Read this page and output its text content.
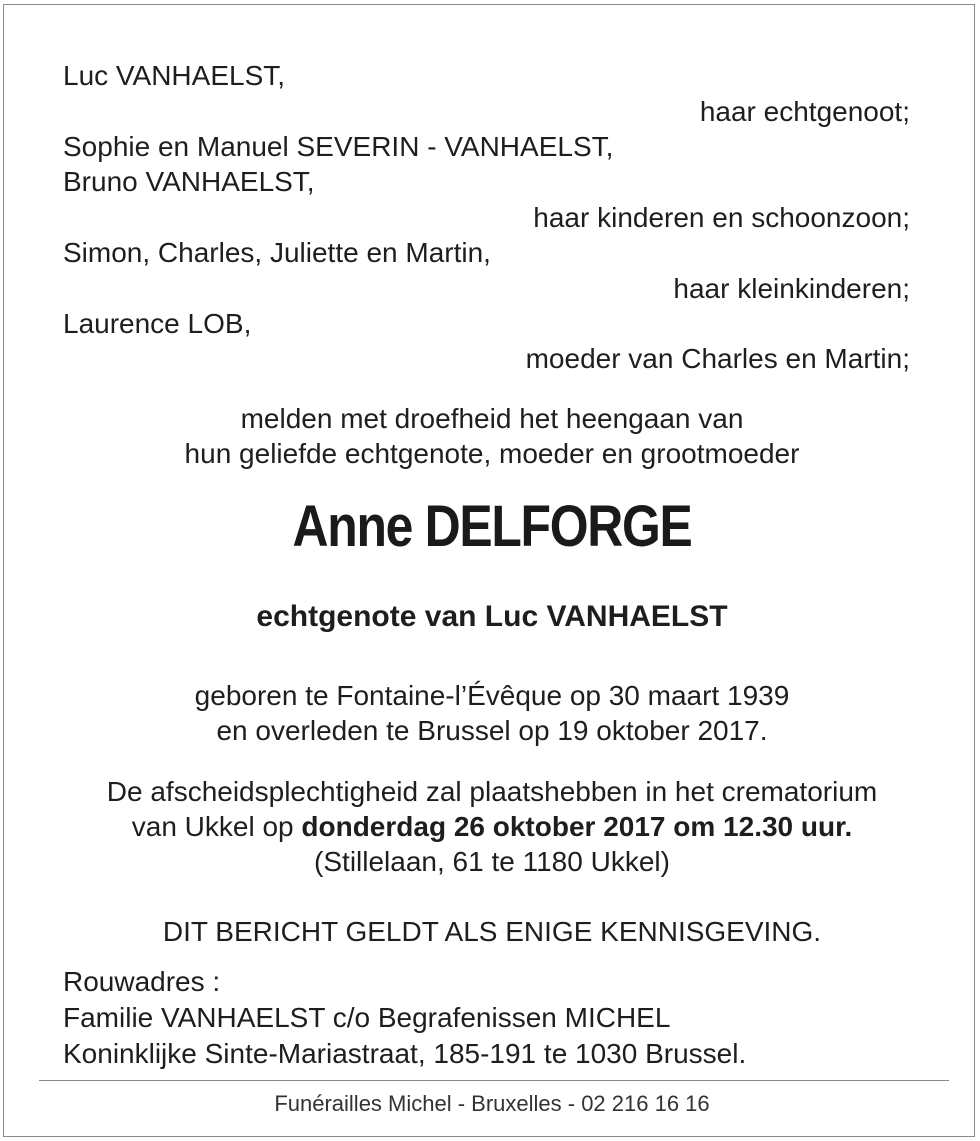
Luc VANHAELST,
haar echtgenoot;
Sophie en Manuel SEVERIN - VANHAELST,
Bruno VANHAELST,
haar kinderen en schoonzoon;
Simon, Charles, Juliette en Martin,
haar kleinkinderen;
Laurence LOB,
moeder van Charles en Martin;
melden met droefheid het heengaan van
hun geliefde echtgenote, moeder en grootmoeder
Anne DELFORGE
echtgenote van Luc VANHAELST
geboren te Fontaine-l’Évêque op 30 maart 1939
en overleden te Brussel op 19 oktober 2017.
De afscheidsplechtigheid zal plaatshebben in het crematorium
van Ukkel op donderdag 26 oktober 2017 om 12.30 uur.
(Stillelaan, 61 te 1180 Ukkel)
DIT BERICHT GELDT ALS ENIGE KENNISGEVING.
Rouwadres :
Familie VANHAELST c/o Begrafenissen MICHEL
Koninklijke Sinte-Mariastraat, 185-191 te 1030 Brussel.
Funérailles Michel - Bruxelles - 02 216 16 16
